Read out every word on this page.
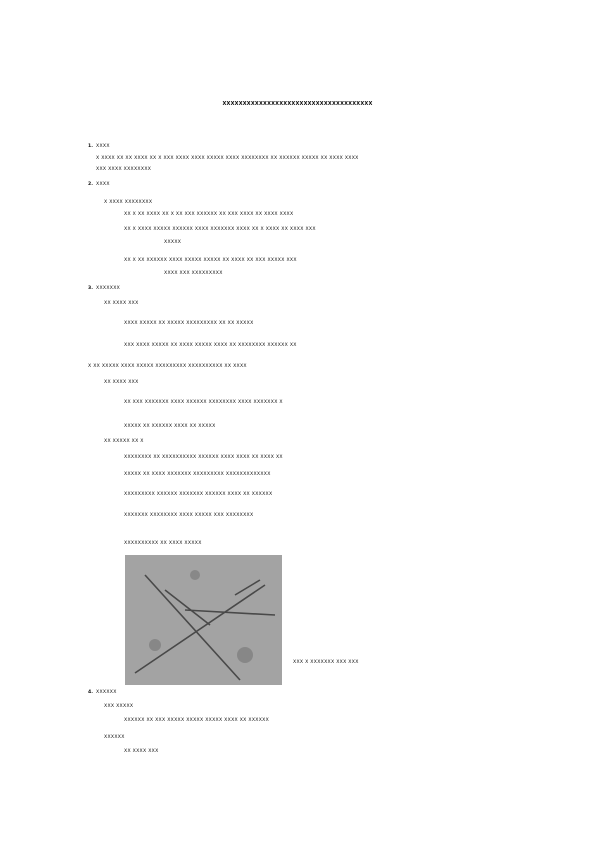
XXXXXXXXXXXXXXXXXXXXXXXXXXXXXXXXXXXXX
1. XXXX
X XXXX XX XX XXXX XX X XXX XXXX XXXX XXXXX XXXX XXXXXXXX XX XXXXXX XXXXX XX XXXX XXXX
XXX XXXX XXXXXXXX
2. XXXX
X XXXX XXXXXXXX
XX X XX XXXX XX X XX XXX XXXXXX XX XXX XXXX XX XXXX XXXX
XX X XXXX XXXXX XXXXXX XXXX XXXXXXX XXXX XX X XXXX XX XXXX XXX
XXXXX
XX X XX XXXXXX XXXX XXXXX XXXXX XX XXXX XX XXX XXXXX XXX
XXXX XXX XXXXXXXXX
3. XXXXXXX
XX XXXX XXX
XXXX XXXXX XX XXXXX XXXXXXXXX XX XX XXXXX
XXX XXXX XXXXX XX XXXX XXXXX XXXX XX XXXXXXXX XXXXXX XX
X XX XXXXX XXXX XXXXX XXXXXXXXX XXXXXXXXXX XX XXXX
XX XXXX XXX
XX XXX XXXXXXX XXXX XXXXXX XXXXXXXX XXXX XXXXXXX X
XXXXX XX XXXXXX XXXX XX XXXXX
XX XXXXX XX X
XXXXXXXX XX XXXXXXXXXX XXXXXX XXXX XXXX XX XXXX XX
XXXXX XX XXXX XXXXXXX XXXXXXXXX XXXXXXXXXXXXX
XXXXXXXXX XXXXXX XXXXXXX XXXXXX XXXX XX XXXXXX
XXXXXXX XXXXXXXX XXXX XXXXX XXX XXXXXXXX
XXXXXXXXXX XX XXXX XXXXX
XXX X XXXXXXX XXX XXX
4. XXXXXX
XXX XXXXX
XXXXXX XX XXX XXXXX XXXXX XXXXX XXXX XX XXXXXX
XXXXXX
XX XXXX XXX
